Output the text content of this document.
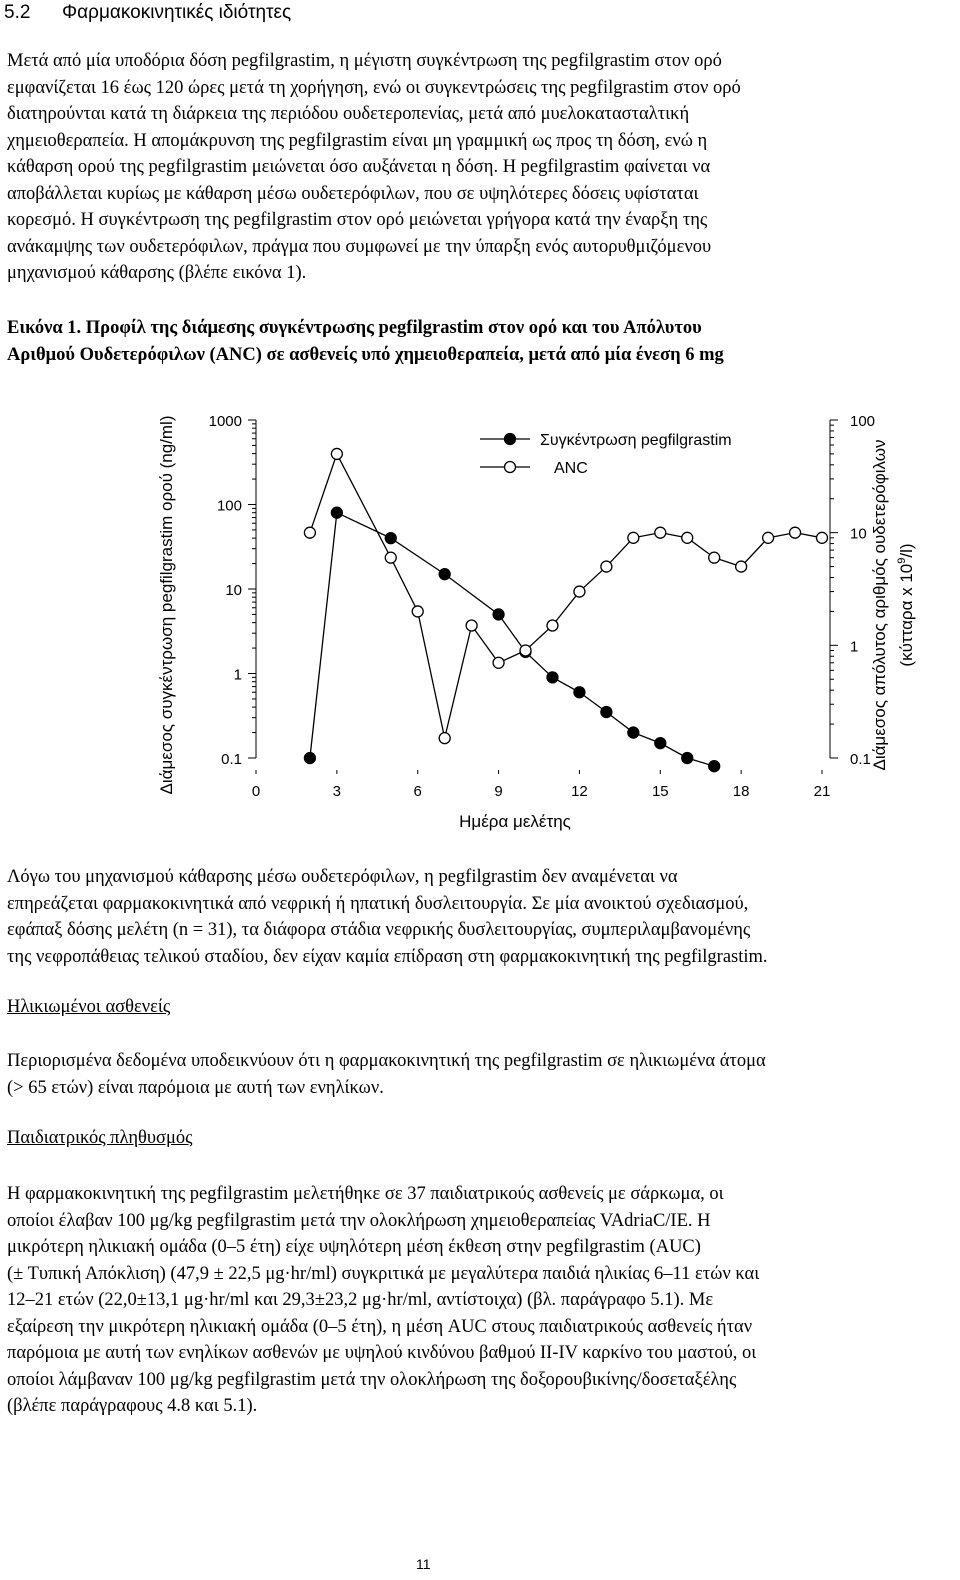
5.2 Φαρμακοκινητικές ιδιότητες
Μετά από μία υποδόρια δόση pegfilgrastim, η μέγιστη συγκέντρωση της pegfilgrastim στον ορό
εμφανίζεται 16 έως 120 ώρες μετά τη χορήγηση, ενώ οι συγκεντρώσεις της pegfilgrastim στον ορό
διατηρούνται κατά τη διάρκεια της περιόδου ουδετεροπενίας, μετά από μυελοκατασταλτική
χημειοθεραπεία. Η απομάκρυνση της pegfilgrastim είναι μη γραμμική ως προς τη δόση, ενώ η
κάθαρση ορού της pegfilgrastim μειώνεται όσο αυξάνεται η δόση. Η pegfilgrastim φαίνεται να
αποβάλλεται κυρίως με κάθαρση μέσω ουδετερόφιλων, που σε υψηλότερες δόσεις υφίσταται
κορεσμό. Η συγκέντρωση της pegfilgrastim στον ορό μειώνεται γρήγορα κατά την έναρξη της
ανάκαμψης των ουδετερόφιλων, πράγμα που συμφωνεί με την ύπαρξη ενός αυτορυθμιζόμενου
μηχανισμού κάθαρσης (βλέπε εικόνα 1).
Εικόνα 1. Προφίλ της διάμεσης συγκέντρωσης pegfilgrastim στον ορό και του Απόλυτου
Αριθμού Ουδετερόφιλων (ANC) σε ασθενείς υπό χημειοθεραπεία, μετά από μία ένεση 6 mg
1000
100
10
1
0.1
100
10
1
0.1
0	3	6	9	12	15	18	21
Συγκέντρωση pegfilgrastim
ANC
Διάμεσος συγκέντρωση pegfilgrastim ορού (ng/ml)	Διάμεσος απόλυτος αριθμός ουδετερόφιλων (κύτταρα x $10^9/l$)
Ημέρα μελέτης
Λόγω του μηχανισμού κάθαρσης μέσω ουδετερόφιλων, η pegfilgrastim δεν αναμένεται να
επηρεάζεται φαρμακοκινητικά από νεφρική ή ηπατική δυσλειτουργία. Σε μία ανοικτού σχεδιασμού,
εφάπαξ δόσης μελέτη (n = 31), τα διάφορα στάδια νεφρικής δυσλειτουργίας, συμπεριλαμβανομένης
της νεφροπάθειας τελικού σταδίου, δεν είχαν καμία επίδραση στη φαρμακοκινητική της pegfilgrastim.
Ηλικιωμένοι ασθενείς
Περιορισμένα δεδομένα υποδεικνύουν ότι η φαρμακοκινητική της pegfilgrastim σε ηλικιωμένα άτομα
(> 65 ετών) είναι παρόμοια με αυτή των ενηλίκων.
Παιδιατρικός πληθυσμός
Η φαρμακοκινητική της pegfilgrastim μελετήθηκε σε 37 παιδιατρικούς ασθενείς με σάρκωμα, οι
οποίοι έλαβαν 100 μg/kg pegfilgrastim μετά την ολοκλήρωση χημειοθεραπείας VAdriaC/IE. Η
μικρότερη ηλικιακή ομάδα (0–5 έτη) είχε υψηλότερη μέση έκθεση στην pegfilgrastim (AUC)
(± Τυπική Απόκλιση) (47,9 ± 22,5 μg·hr/ml) συγκριτικά με μεγαλύτερα παιδιά ηλικίας 6–11 ετών και
12–21 ετών (22,0±13,1 μg·hr/ml και 29,3±23,2 μg·hr/ml, αντίστοιχα) (βλ. παράγραφο 5.1). Με
εξαίρεση την μικρότερη ηλικιακή ομάδα (0–5 έτη), η μέση AUC στους παιδιατρικούς ασθενείς ήταν
παρόμοια με αυτή των ενηλίκων ασθενών με υψηλού κινδύνου βαθμού II-IV καρκίνο του μαστού, οι
οποίοι λάμβαναν 100 μg/kg pegfilgrastim μετά την ολοκλήρωση της δοξορουβικίνης/δοσεταξέλης
(βλέπε παράγραφους 4.8 και 5.1).
11
